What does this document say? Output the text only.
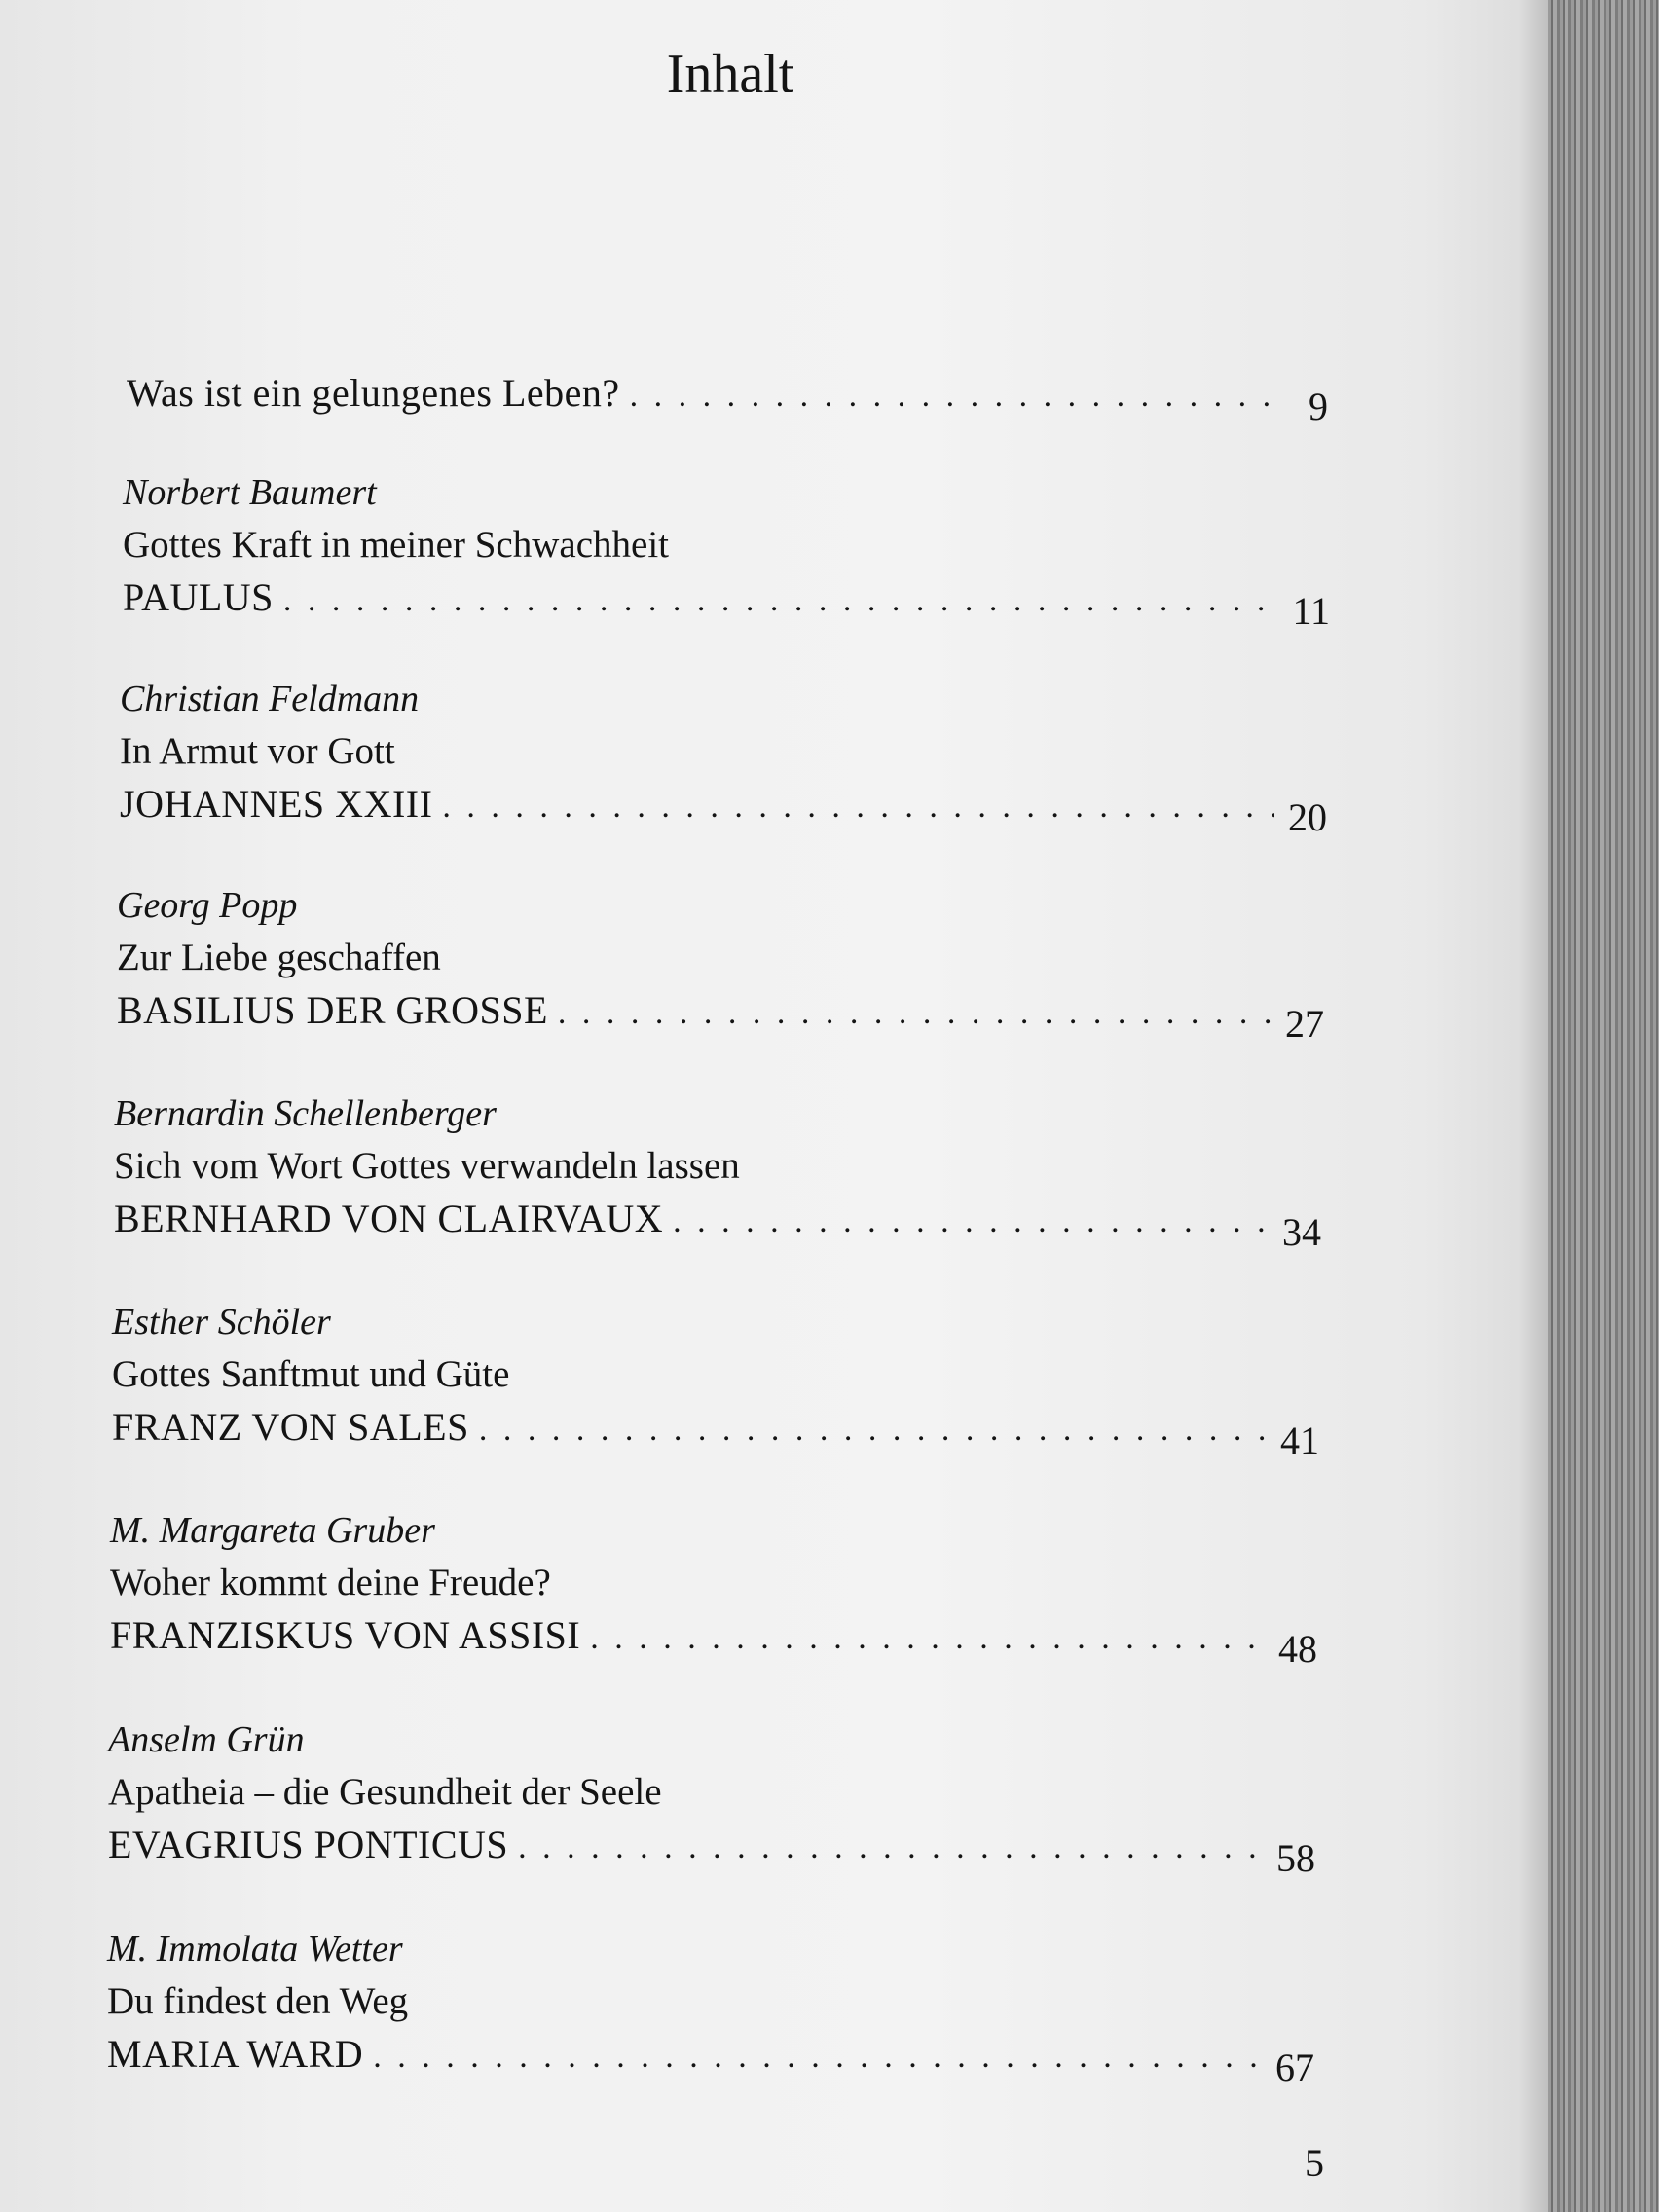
Inhalt
Was ist ein gelungenes Leben? . . .	9
Norbert Baumert
Gottes Kraft in meiner Schwachheit
PAULUS . . .	11
Christian Feldmann
In Armut vor Gott
JOHANNES XXIII . . .	20
Georg Popp
Zur Liebe geschaffen
BASILIUS DER GROSSE . . .	27
Bernardin Schellenberger
Sich vom Wort Gottes verwandeln lassen
BERNHARD VON CLAIRVAUX . . .	34
Esther Schöler
Gottes Sanftmut und Güte
FRANZ VON SALES . . .	41
M. Margareta Gruber
Woher kommt deine Freude?
FRANZISKUS VON ASSISI . . .	48
Anselm Grün
Apatheia – die Gesundheit der Seele
EVAGRIUS PONTICUS . . .	58
M. Immolata Wetter
Du findest den Weg
MARIA WARD . . .	67
5
